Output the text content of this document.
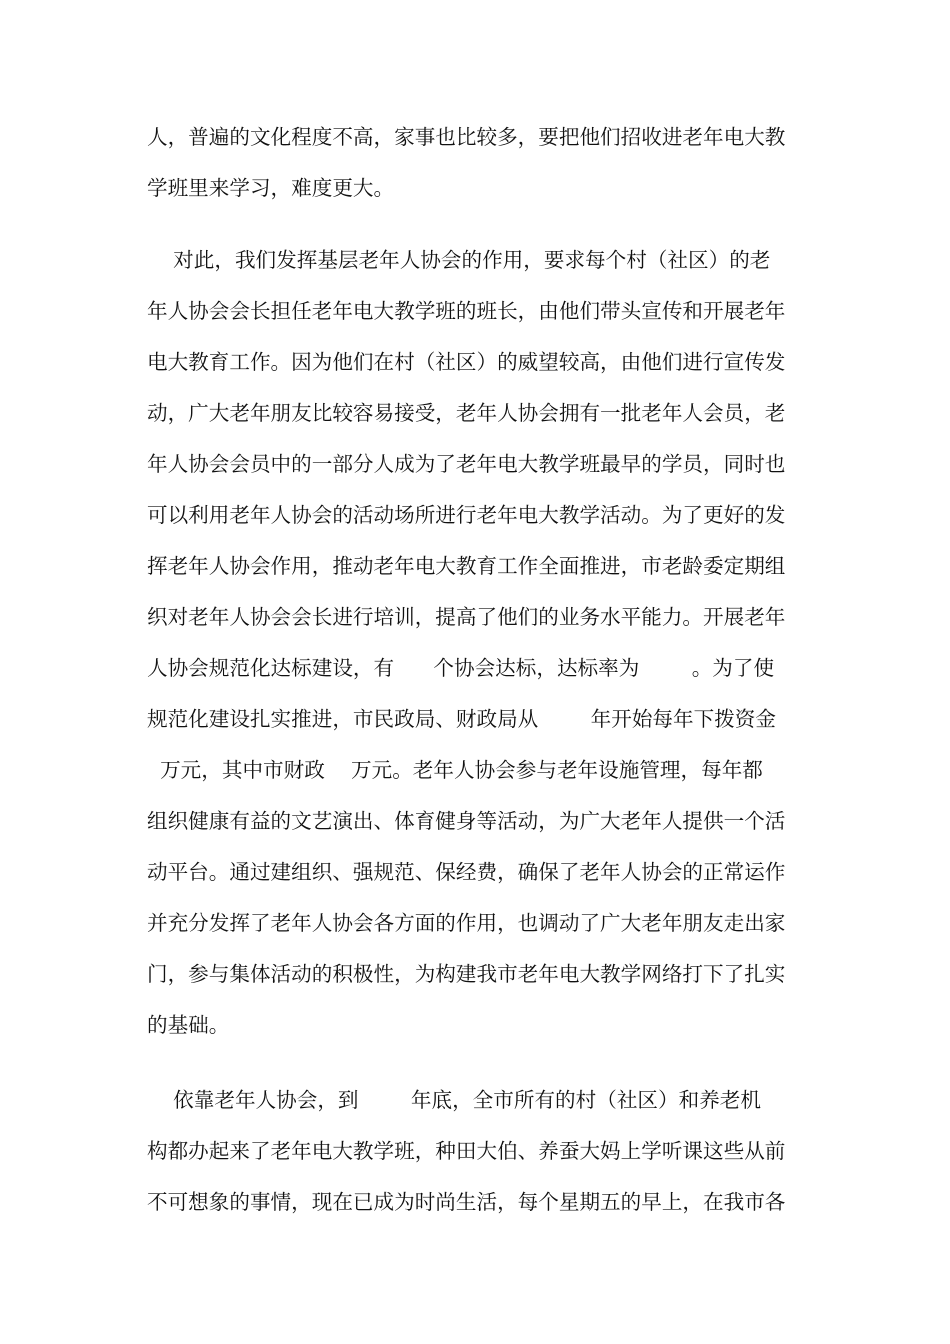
人，普遍的文化程度不高，家事也比较多，要把他们招收进老年电大教
学班里来学习，难度更大。
对此，我们发挥基层老年人协会的作用，要求每个村（社区）的老
年人协会会长担任老年电大教学班的班长，由他们带头宣传和开展老年
电大教育工作。因为他们在村（社区）的威望较高，由他们进行宣传发
动，广大老年朋友比较容易接受，老年人协会拥有一批老年人会员，老
年人协会会员中的一部分人成为了老年电大教学班最早的学员，同时也
可以利用老年人协会的活动场所进行老年电大教学活动。为了更好的发
挥老年人协会作用，推动老年电大教育工作全面推进，市老龄委定期组
织对老年人协会会长进行培训，提高了他们的业务水平能力。开展老年
人协会规范化达标建设，有      个协会达标，达标率为        。为了使
规范化建设扎实推进，市民政局、财政局从        年开始每年下拨资金
万元，其中市财政    万元。老年人协会参与老年设施管理，每年都
组织健康有益的文艺演出、体育健身等活动，为广大老年人提供一个活
动平台。通过建组织、强规范、保经费，确保了老年人协会的正常运作
并充分发挥了老年人协会各方面的作用，也调动了广大老年朋友走出家
门，参与集体活动的积极性，为构建我市老年电大教学网络打下了扎实
的基础。
依靠老年人协会，到        年底，全市所有的村（社区）和养老机
构都办起来了老年电大教学班，种田大伯、养蚕大妈上学听课这些从前
不可想象的事情，现在已成为时尚生活，每个星期五的早上，在我市各
